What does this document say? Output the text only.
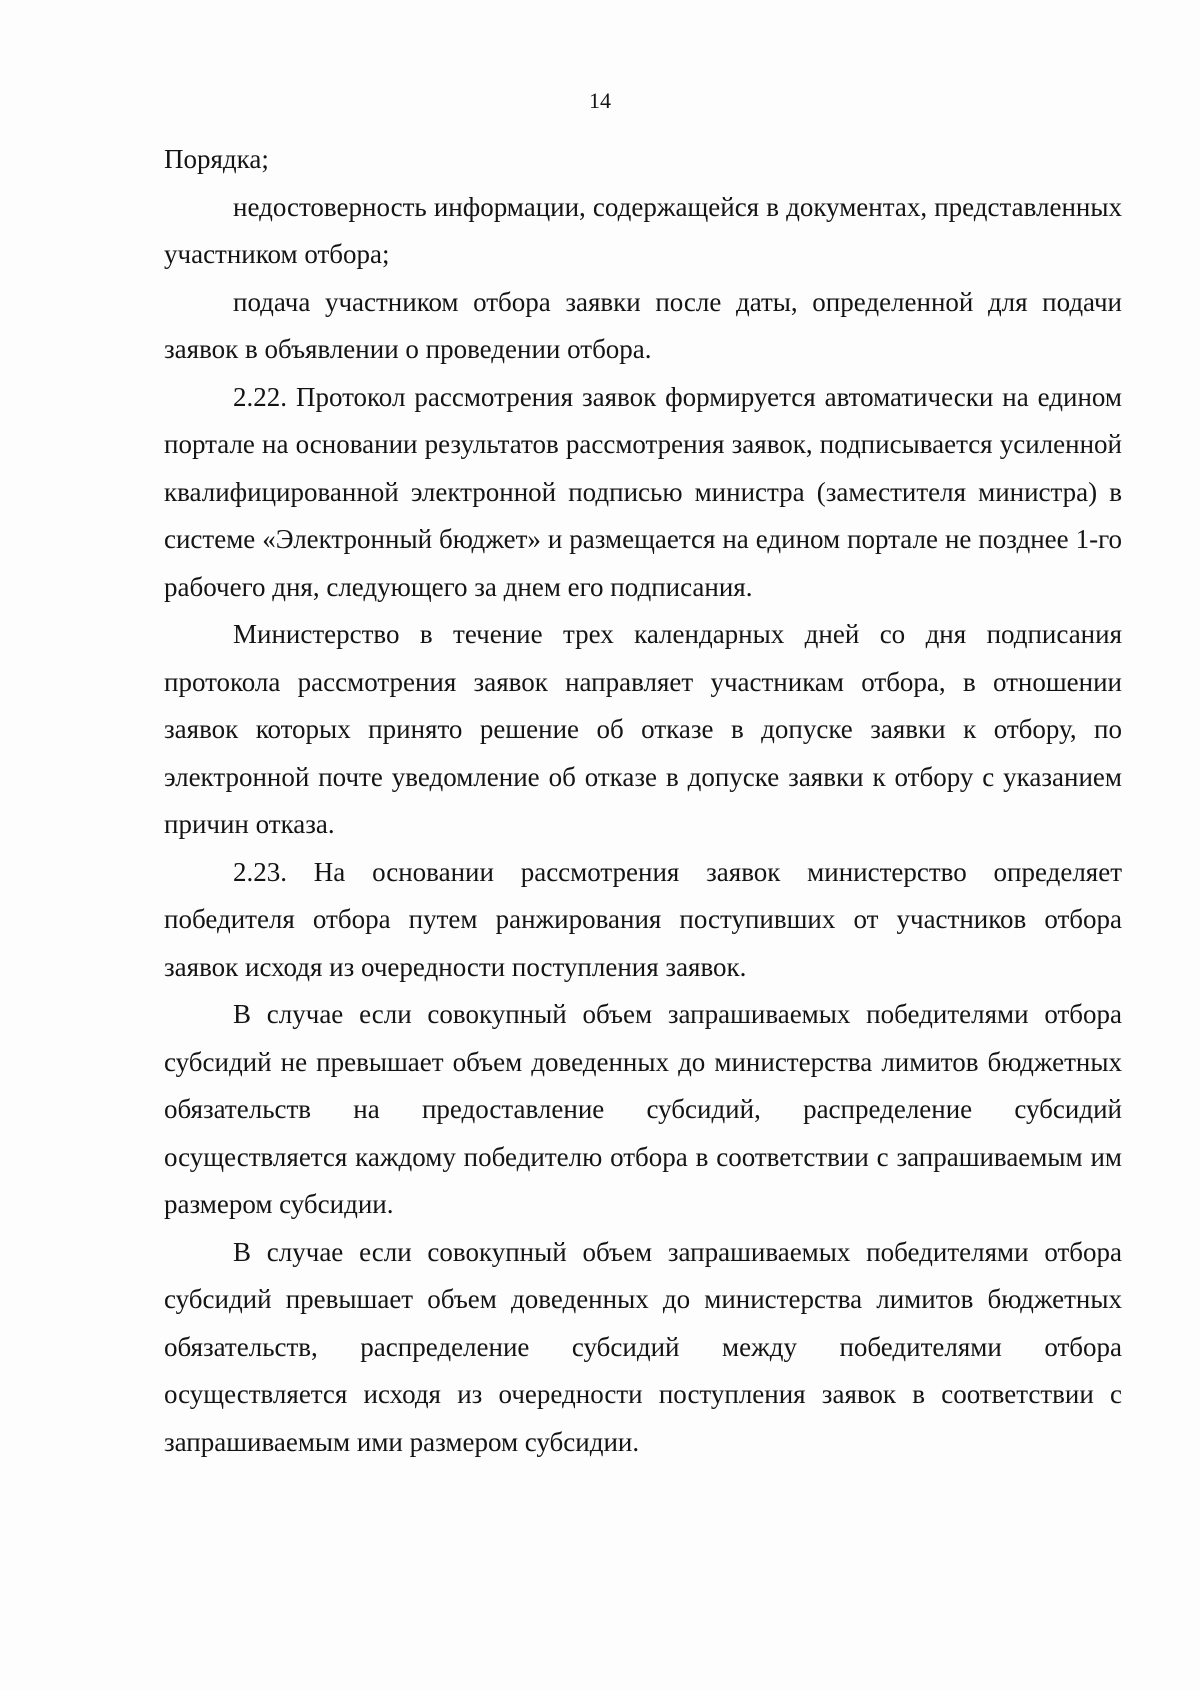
14

Порядка;

недостоверность информации, содержащейся в документах, представленных участником отбора;

подача участником отбора заявки после даты, определенной для подачи заявок в объявлении о проведении отбора.

2.22. Протокол рассмотрения заявок формируется автоматически на едином портале на основании результатов рассмотрения заявок, подписывается усиленной квалифицированной электронной подписью министра (заместителя министра) в системе «Электронный бюджет» и размещается на едином портале не позднее 1-го рабочего дня, следующего за днем его подписания.

Министерство в течение трех календарных дней со дня подписания протокола рассмотрения заявок направляет участникам отбора, в отношении заявок которых принято решение об отказе в допуске заявки к отбору, по электронной почте уведомление об отказе в допуске заявки к отбору с указанием причин отказа.

2.23. На основании рассмотрения заявок министерство определяет победителя отбора путем ранжирования поступивших от участников отбора заявок исходя из очередности поступления заявок.

В случае если совокупный объем запрашиваемых победителями отбора субсидий не превышает объем доведенных до министерства лимитов бюджетных обязательств на предоставление субсидий, распределение субсидий осуществляется каждому победителю отбора в соответствии с запрашиваемым им размером субсидии.

В случае если совокупный объем запрашиваемых победителями отбора субсидий превышает объем доведенных до министерства лимитов бюджетных обязательств, распределение субсидий между победителями отбора осуществляется исходя из очередности поступления заявок в соответствии с запрашиваемым ими размером субсидии.
